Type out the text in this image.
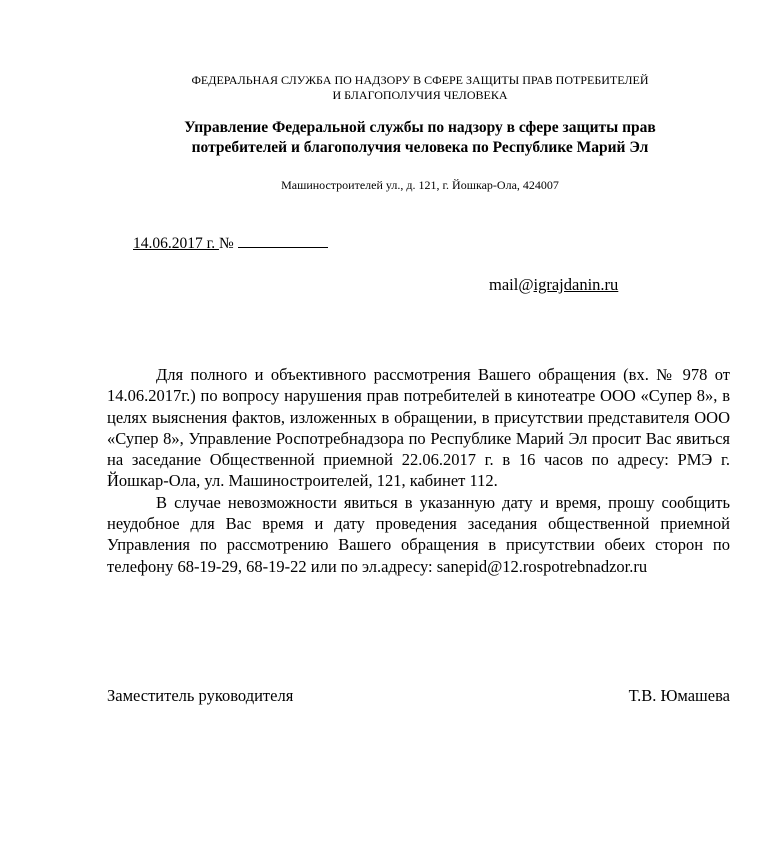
ФЕДЕРАЛЬНАЯ СЛУЖБА ПО НАДЗОРУ В СФЕРЕ ЗАЩИТЫ ПРАВ ПОТРЕБИТЕЛЕЙ
И БЛАГОПОЛУЧИЯ ЧЕЛОВЕКА
Управление Федеральной службы по надзору в сфере защиты прав
потребителей и благополучия человека по Республике Марий Эл
Машиностроителей ул., д. 121, г. Йошкар-Ола, 424007
14.06.2017 г. №
mail@igrajdanin.ru

Для полного и объективного рассмотрения Вашего обращения (вх. № 978 от 14.06.2017г.) по вопросу нарушения прав потребителей в кинотеатре ООО «Супер 8», в целях выяснения фактов, изложенных в обращении, в присутствии представителя ООО «Супер 8», Управление Роспотребнадзора по Республике Марий Эл просит Вас явиться на заседание Общественной приемной 22.06.2017 г. в 16 часов по адресу: РМЭ г. Йошкар-Ола, ул. Машиностроителей, 121, кабинет 112.

В случае невозможности явиться в указанную дату и время, прошу сообщить неудобное для Вас время и дату проведения заседания общественной приемной Управления по рассмотрению Вашего обращения в присутствии обеих сторон по телефону 68-19-29, 68-19-22 или по эл.адресу: sanepid@12.rospotrebnadzor.ru

Заместитель руководителя	Т.В. Юмашева
